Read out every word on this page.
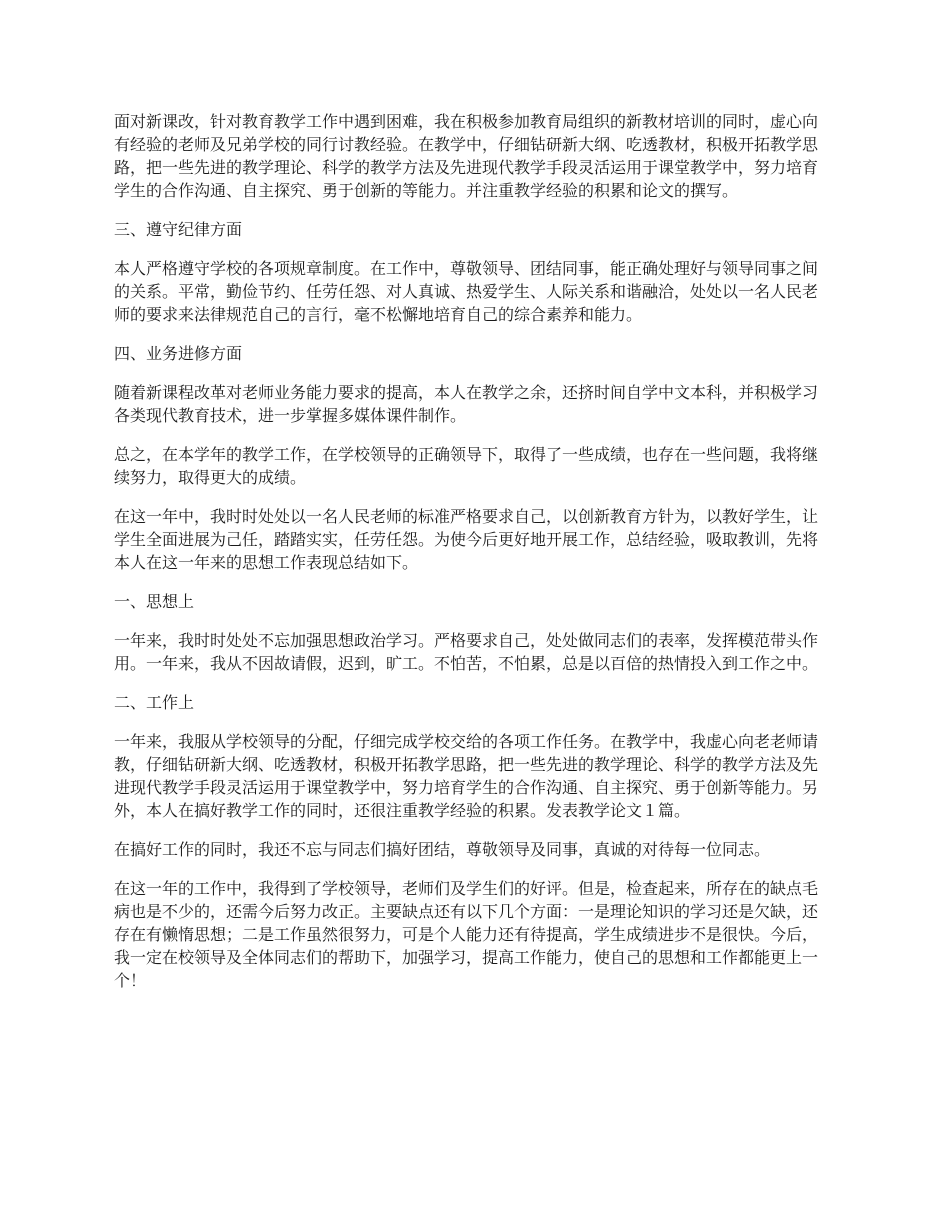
面对新课改，针对教育教学工作中遇到困难，我在积极参加教育局组织的新教材培训的同时，虚心向有经验的老师及兄弟学校的同行讨教经验。在教学中，仔细钻研新大纲、吃透教材，积极开拓教学思路，把一些先进的教学理论、科学的教学方法及先进现代教学手段灵活运用于课堂教学中，努力培育学生的合作沟通、自主探究、勇于创新的等能力。并注重教学经验的积累和论文的撰写。

三、遵守纪律方面

本人严格遵守学校的各项规章制度。在工作中，尊敬领导、团结同事，能正确处理好与领导同事之间的关系。平常，勤俭节约、任劳任怨、对人真诚、热爱学生、人际关系和谐融洽，处处以一名人民老师的要求来法律规范自己的言行，毫不松懈地培育自己的综合素养和能力。

四、业务进修方面

随着新课程改革对老师业务能力要求的提高，本人在教学之余，还挤时间自学中文本科，并积极学习各类现代教育技术，进一步掌握多媒体课件制作。

总之，在本学年的教学工作，在学校领导的正确领导下，取得了一些成绩，也存在一些问题，我将继续努力，取得更大的成绩。

在这一年中，我时时处处以一名人民老师的标准严格要求自己，以创新教育方针为，以教好学生，让学生全面进展为己任，踏踏实实，任劳任怨。为使今后更好地开展工作，总结经验，吸取教训，先将本人在这一年来的思想工作表现总结如下。

一、思想上

一年来，我时时处处不忘加强思想政治学习。严格要求自己，处处做同志们的表率，发挥模范带头作用。一年来，我从不因故请假，迟到，旷工。不怕苦，不怕累，总是以百倍的热情投入到工作之中。

二、工作上

一年来，我服从学校领导的分配，仔细完成学校交给的各项工作任务。在教学中，我虚心向老老师请教，仔细钻研新大纲、吃透教材，积极开拓教学思路，把一些先进的教学理论、科学的教学方法及先进现代教学手段灵活运用于课堂教学中，努力培育学生的合作沟通、自主探究、勇于创新等能力。另外，本人在搞好教学工作的同时，还很注重教学经验的积累。发表教学论文１篇。

在搞好工作的同时，我还不忘与同志们搞好团结，尊敬领导及同事，真诚的对待每一位同志。

在这一年的工作中，我得到了学校领导，老师们及学生们的好评。但是，检查起来，所存在的缺点毛病也是不少的，还需今后努力改正。主要缺点还有以下几个方面：一是理论知识的学习还是欠缺，还存在有懒惰思想；二是工作虽然很努力，可是个人能力还有待提高，学生成绩进步不是很快。今后，我一定在校领导及全体同志们的帮助下，加强学习，提高工作能力，使自己的思想和工作都能更上一个！
